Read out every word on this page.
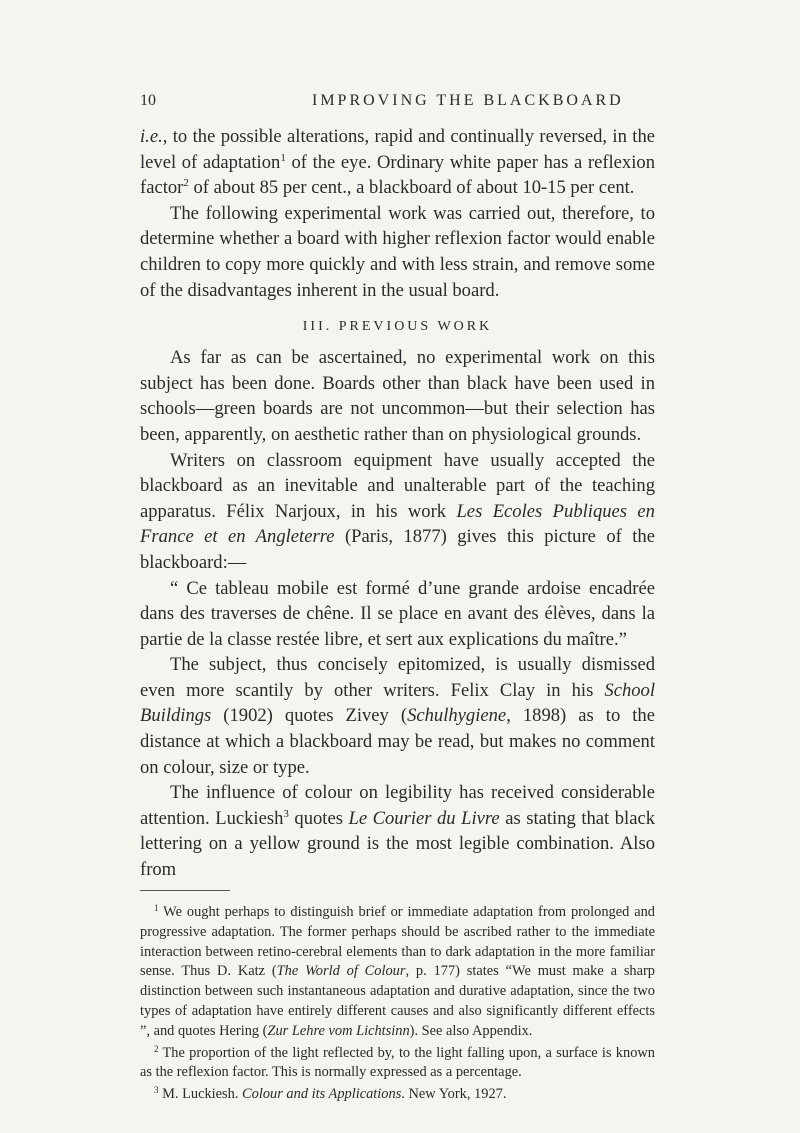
10	IMPROVING THE BLACKBOARD

i.e., to the possible alterations, rapid and continually reversed, in the level of adaptation$^1$ of the eye. Ordinary white paper has a reflexion factor$^2$ of about 85 per cent., a blackboard of about 10-15 per cent.

The following experimental work was carried out, therefore, to determine whether a board with higher reflexion factor would enable children to copy more quickly and with less strain, and remove some of the disadvantages inherent in the usual board.

III. PREVIOUS WORK

As far as can be ascertained, no experimental work on this subject has been done. Boards other than black have been used in schools—green boards are not uncommon—but their selection has been, apparently, on aesthetic rather than on physiological grounds.

Writers on classroom equipment have usually accepted the blackboard as an inevitable and unalterable part of the teaching apparatus. Félix Narjoux, in his work Les Ecoles Publiques en France et en Angleterre (Paris, 1877) gives this picture of the blackboard:—

“ Ce tableau mobile est formé d’une grande ardoise encadrée dans des traverses de chêne. Il se place en avant des élèves, dans la partie de la classe restée libre, et sert aux explications du maître.”

The subject, thus concisely epitomized, is usually dismissed even more scantily by other writers. Felix Clay in his School Buildings (1902) quotes Zivey (Schulhygiene, 1898) as to the distance at which a blackboard may be read, but makes no comment on colour, size or type.

The influence of colour on legibility has received considerable attention. Luckiesh$^3$ quotes Le Courier du Livre as stating that black lettering on a yellow ground is the most legible combination. Also from

$^1$ We ought perhaps to distinguish brief or immediate adaptation from prolonged and progressive adaptation. The former perhaps should be ascribed rather to the immediate interaction between retino-cerebral elements than to dark adaptation in the more familiar sense. Thus D. Katz (The World of Colour, p. 177) states “We must make a sharp distinction between such instantaneous adaptation and durative adaptation, since the two types of adaptation have entirely different causes and also significantly different effects ”, and quotes Hering (Zur Lehre vom Lichtsinn). See also Appendix.

$^2$ The proportion of the light reflected by, to the light falling upon, a surface is known as the reflexion factor. This is normally expressed as a percentage.

$^3$ M. Luckiesh. Colour and its Applications. New York, 1927.
